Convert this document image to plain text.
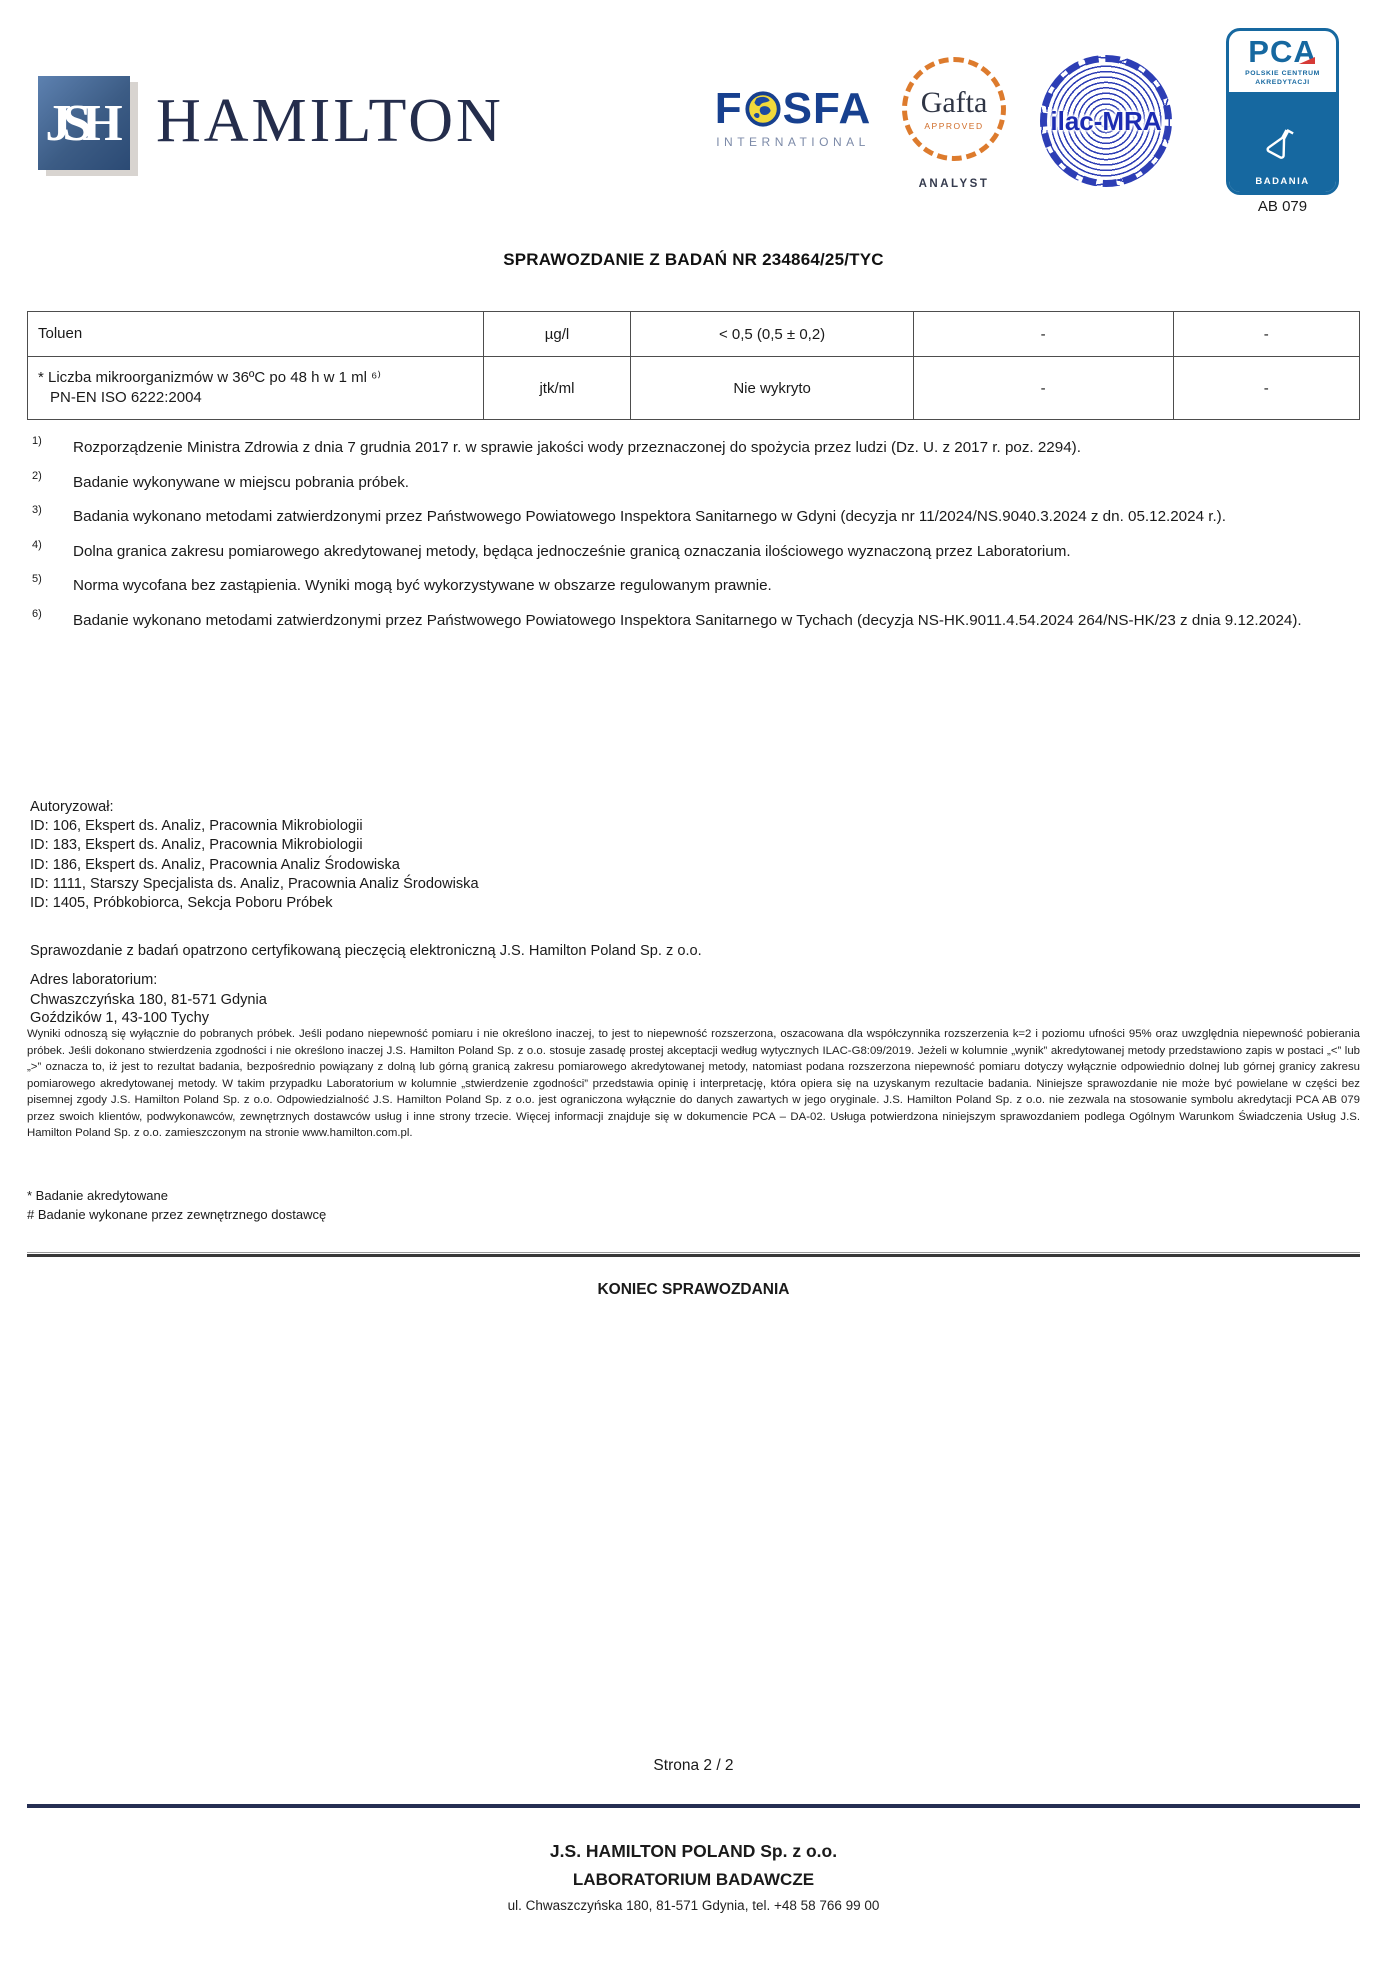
JSH HAMILTON	F SFA
INTERNATIONAL
Gafta
APPROVED
ANALYST
ilac-MRA
PCA
POLSKIE CENTRUM
AKREDYTACJI
BADANIA
AB 079
SPRAWOZDANIE Z BADAŃ NR 234864/25/TYC
Toluen	µg/l	< 0,5 (0,5 ± 0,2)	-	-

* Liczba mikroorganizmów w 36ºC po 48 h w 1 ml ⁶⁾
PN-EN ISO 6222:2004	jtk/ml	Nie wykryto	-	-
1)	Rozporządzenie Ministra Zdrowia z dnia 7 grudnia 2017 r. w sprawie jakości wody przeznaczonej do spożycia przez ludzi (Dz. U. z 2017 r. poz. 2294).
2)	Badanie wykonywane w miejscu pobrania próbek.
3)	Badania wykonano metodami zatwierdzonymi przez Państwowego Powiatowego Inspektora Sanitarnego w Gdyni (decyzja nr 11/2024/NS.9040.3.2024 z dn. 05.12.2024 r.).
4)	Dolna granica zakresu pomiarowego akredytowanej metody, będąca jednocześnie granicą oznaczania ilościowego wyznaczoną przez Laboratorium.
5)	Norma wycofana bez zastąpienia. Wyniki mogą być wykorzystywane w obszarze regulowanym prawnie.
6)	Badanie wykonano metodami zatwierdzonymi przez Państwowego Powiatowego Inspektora Sanitarnego w Tychach (decyzja NS-HK.9011.4.54.2024 264/NS-HK/23 z dnia 9.12.2024).
Autoryzował:
ID: 106, Ekspert ds. Analiz, Pracownia Mikrobiologii
ID: 183, Ekspert ds. Analiz, Pracownia Mikrobiologii
ID: 186, Ekspert ds. Analiz, Pracownia Analiz Środowiska
ID: 1111, Starszy Specjalista ds. Analiz, Pracownia Analiz Środowiska
ID: 1405, Próbkobiorca, Sekcja Poboru Próbek
Sprawozdanie z badań opatrzono certyfikowaną pieczęcią elektroniczną J.S. Hamilton Poland Sp. z o.o.
Adres laboratorium:
Chwaszczyńska 180, 81-571 Gdynia
Goździków 1, 43-100 Tychy
Wyniki odnoszą się wyłącznie do pobranych próbek. Jeśli podano niepewność pomiaru i nie określono inaczej, to jest to niepewność rozszerzona, oszacowana dla współczynnika rozszerzenia k=2 i poziomu ufności 95% oraz uwzględnia niepewność pobierania próbek. Jeśli dokonano stwierdzenia zgodności i nie określono inaczej J.S. Hamilton Poland Sp. z o.o. stosuje zasadę prostej akceptacji według wytycznych ILAC-G8:09/2019. Jeżeli w kolumnie „wynik” akredytowanej metody przedstawiono zapis w postaci „<” lub „>” oznacza to, iż jest to rezultat badania, bezpośrednio powiązany z dolną lub górną granicą zakresu pomiarowego akredytowanej metody, natomiast podana rozszerzona niepewność pomiaru dotyczy wyłącznie odpowiednio dolnej lub górnej granicy zakresu pomiarowego akredytowanej metody. W takim przypadku Laboratorium w kolumnie „stwierdzenie zgodności” przedstawia opinię i interpretację, która opiera się na uzyskanym rezultacie badania. Niniejsze sprawozdanie nie może być powielane w części bez pisemnej zgody J.S. Hamilton Poland Sp. z o.o. Odpowiedzialność J.S. Hamilton Poland Sp. z o.o. jest ograniczona wyłącznie do danych zawartych w jego oryginale. J.S. Hamilton Poland Sp. z o.o. nie zezwala na stosowanie symbolu akredytacji PCA AB 079 przez swoich klientów, podwykonawców, zewnętrznych dostawców usług i inne strony trzecie. Więcej informacji znajduje się w dokumencie PCA – DA-02. Usługa potwierdzona niniejszym sprawozdaniem podlega Ogólnym Warunkom Świadczenia Usług J.S. Hamilton Poland Sp. z o.o. zamieszczonym na stronie www.hamilton.com.pl.
* Badanie akredytowane
# Badanie wykonane przez zewnętrznego dostawcę
KONIEC SPRAWOZDANIA
Strona 2 / 2
J.S. HAMILTON POLAND Sp. z o.o.
LABORATORIUM BADAWCZE
ul. Chwaszczyńska 180, 81-571 Gdynia, tel. +48 58 766 99 00
